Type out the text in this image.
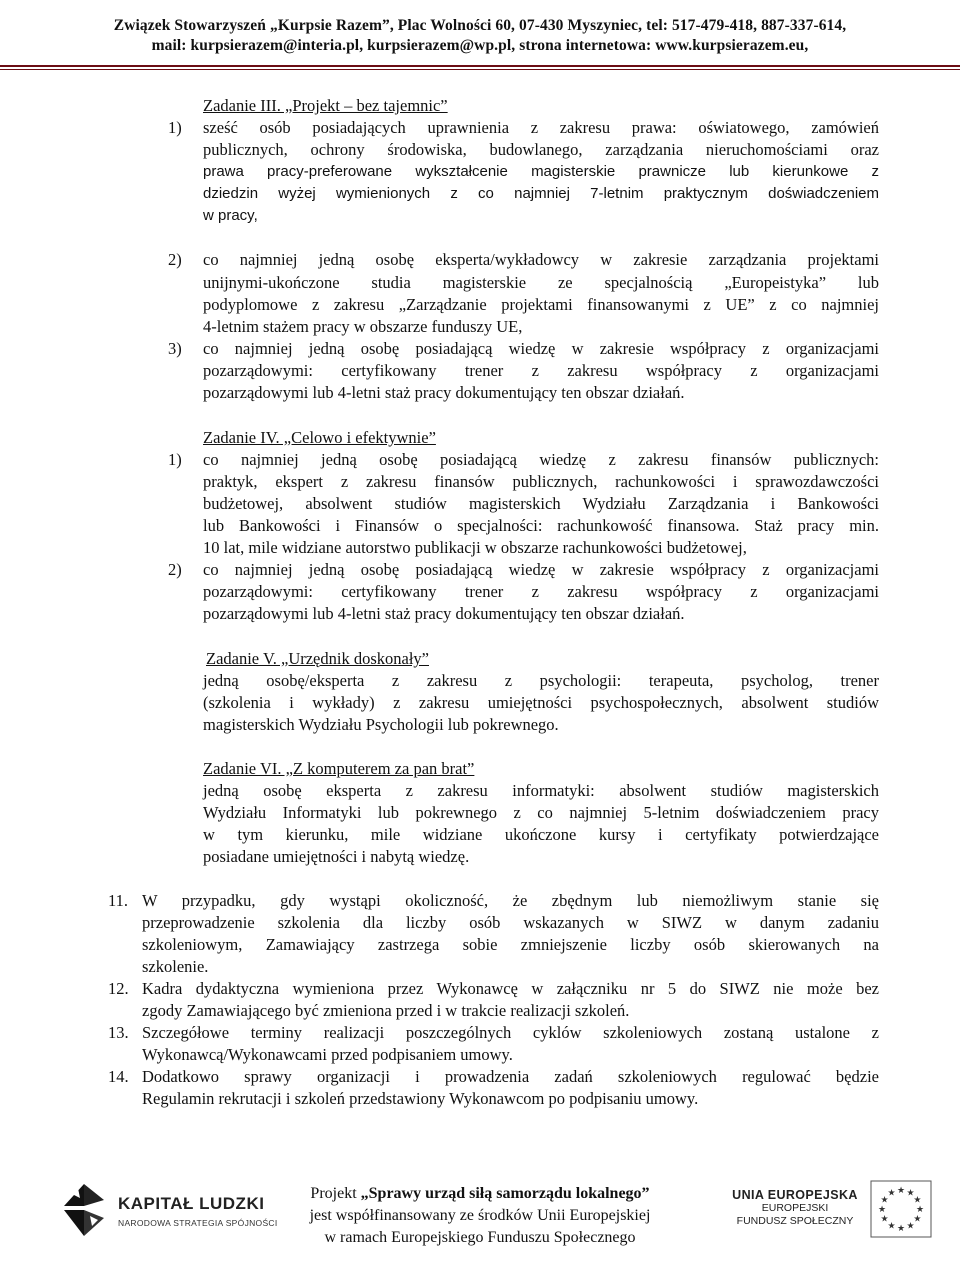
Związek Stowarzyszeń „Kurpsie Razem”, Plac Wolności 60, 07-430 Myszyniec, tel: 517-479-418, 887-337-614,
mail: kurpsierazem@interia.pl, kurpsierazem@wp.pl, strona internetowa: www.kurpsierazem.eu,
Zadanie III. „Projekt – bez tajemnic”
1) sześć osób posiadających uprawnienia z zakresu prawa: oświatowego, zamówień
publicznych, ochrony środowiska, budowlanego, zarządzania nieruchomościami oraz
prawa pracy-preferowane wykształcenie magisterskie prawnicze lub kierunkowe z
dziedzin wyżej wymienionych z co najmniej 7-letnim praktycznym doświadczeniem
w pracy,
2) co najmniej jedną osobę eksperta/wykładowcy w zakresie zarządzania projektami
unijnymi-ukończone studia magisterskie ze specjalnością „Europeistyka” lub
podyplomowe z zakresu „Zarządzanie projektami finansowanymi z UE” z co najmniej
4-letnim stażem pracy w obszarze funduszy UE,
3) co najmniej jedną osobę posiadającą wiedzę w zakresie współpracy z organizacjami
pozarządowymi: certyfikowany trener z zakresu współpracy z organizacjami
pozarządowymi lub 4-letni staż pracy dokumentujący ten obszar działań.
Zadanie IV. „Celowo i efektywnie”
1) co najmniej jedną osobę posiadającą wiedzę z zakresu finansów publicznych:
praktyk, ekspert z zakresu finansów publicznych, rachunkowości i sprawozdawczości
budżetowej, absolwent studiów magisterskich Wydziału Zarządzania i Bankowości
lub Bankowości i Finansów o specjalności: rachunkowość finansowa. Staż pracy min.
10 lat, mile widziane autorstwo publikacji w obszarze rachunkowości budżetowej,
2) co najmniej jedną osobę posiadającą wiedzę w zakresie współpracy z organizacjami
pozarządowymi: certyfikowany trener z zakresu współpracy z organizacjami
pozarządowymi lub 4-letni staż pracy dokumentujący ten obszar działań.
Zadanie V. „Urzędnik doskonały”
jedną osobę/eksperta z zakresu z psychologii: terapeuta, psycholog, trener
(szkolenia i wykłady) z zakresu umiejętności psychospołecznych, absolwent studiów
magisterskich Wydziału Psychologii lub pokrewnego.
Zadanie VI. „Z komputerem za pan brat”
jedną osobę eksperta z zakresu informatyki: absolwent studiów magisterskich
Wydziału Informatyki lub pokrewnego z co najmniej 5-letnim doświadczeniem pracy
w tym kierunku, mile widziane ukończone kursy i certyfikaty potwierdzające
posiadane umiejętności i nabytą wiedzę.
11. W przypadku, gdy wystąpi okoliczność, że zbędnym lub niemożliwym stanie się
przeprowadzenie szkolenia dla liczby osób wskazanych w SIWZ w danym zadaniu
szkoleniowym, Zamawiający zastrzega sobie zmniejszenie liczby osób skierowanych na
szkolenie.
12. Kadra dydaktyczna wymieniona przez Wykonawcę w załączniku nr 5 do SIWZ nie może bez
zgody Zamawiającego być zmieniona przed i w trakcie realizacji szkoleń.
13. Szczegółowe terminy realizacji poszczególnych cyklów szkoleniowych zostaną ustalone z
Wykonawcą/Wykonawcami przed podpisaniem umowy.
14. Dodatkowo sprawy organizacji i prowadzenia zadań szkoleniowych regulować będzie
Regulamin rekrutacji i szkoleń przedstawiony Wykonawcom po podpisaniu umowy.
KAPITAŁ LUDZKI
NARODOWA STRATEGIA SPÓJNOŚCI
Projekt „Sprawy urząd siłą samorządu lokalnego”
jest współfinansowany ze środków Unii Europejskiej
w ramach Europejskiego Funduszu Społecznego
UNIA EUROPEJSKA
EUROPEJSKI
FUNDUSZ SPOŁECZNY
★
★
★
★
★
★
★
★
★ ★ ★
★
